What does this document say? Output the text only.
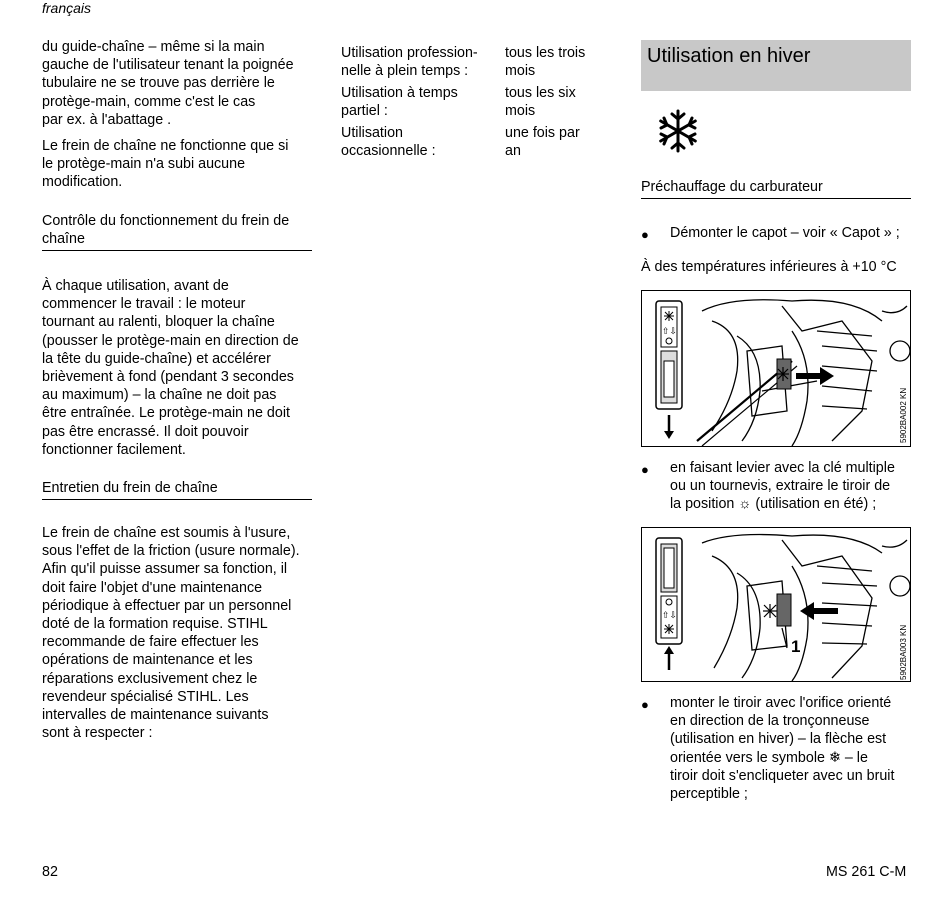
français

du guide-chaîne – même si la main

gauche de l'utilisateur tenant la poignée

tubulaire ne se trouve pas derrière le

protège-main, comme c'est le cas

par ex. à l'abattage .

Le frein de chaîne ne fonctionne que si

le protège-main n'a subi aucune

modification.

Contrôle du fonctionnement du frein de
chaîne

À chaque utilisation, avant de

commencer le travail : le moteur

tournant au ralenti, bloquer la chaîne

(pousser le protège-main en direction de

la tête du guide-chaîne) et accélérer

brièvement à fond (pendant 3 secondes

au maximum) – la chaîne ne doit pas

être entraînée. Le protège-main ne doit

pas être encrassé. Il doit pouvoir

fonctionner facilement.

Entretien du frein de chaîne

Le frein de chaîne est soumis à l'usure,

sous l'effet de la friction (usure normale).

Afin qu'il puisse assumer sa fonction, il

doit faire l'objet d'une maintenance

périodique à effectuer par un personnel

doté de la formation requise. STIHL

recommande de faire effectuer les

opérations de maintenance et les

réparations exclusivement chez le

revendeur spécialisé STIHL. Les

intervalles de maintenance suivants

sont à respecter :

Utilisation profession-
nelle à plein temps :
tous les trois
mois
Utilisation à temps
partiel :
tous les six
mois
Utilisation
occasionnelle :
une fois par
an
Utilisation en hiver
Préchauffage du carburateur
● Démonter le capot – voir « Capot » ;
À des températures inférieures à +10 °C
⇧⇩
5902BA002 KN
● en faisant levier avec la clé multiple
ou un tournevis, extraire le tiroir de
la position ☼ (utilisation en été) ;
1
⇧⇩
5902BA003 KN
● monter le tiroir avec l'orifice orienté
en direction de la tronçonneuse
(utilisation en hiver) – la flèche est
orientée vers le symbole ❄ – le
tiroir doit s'encliqueter avec un bruit
perceptible ;
82	MS 261 C-M
